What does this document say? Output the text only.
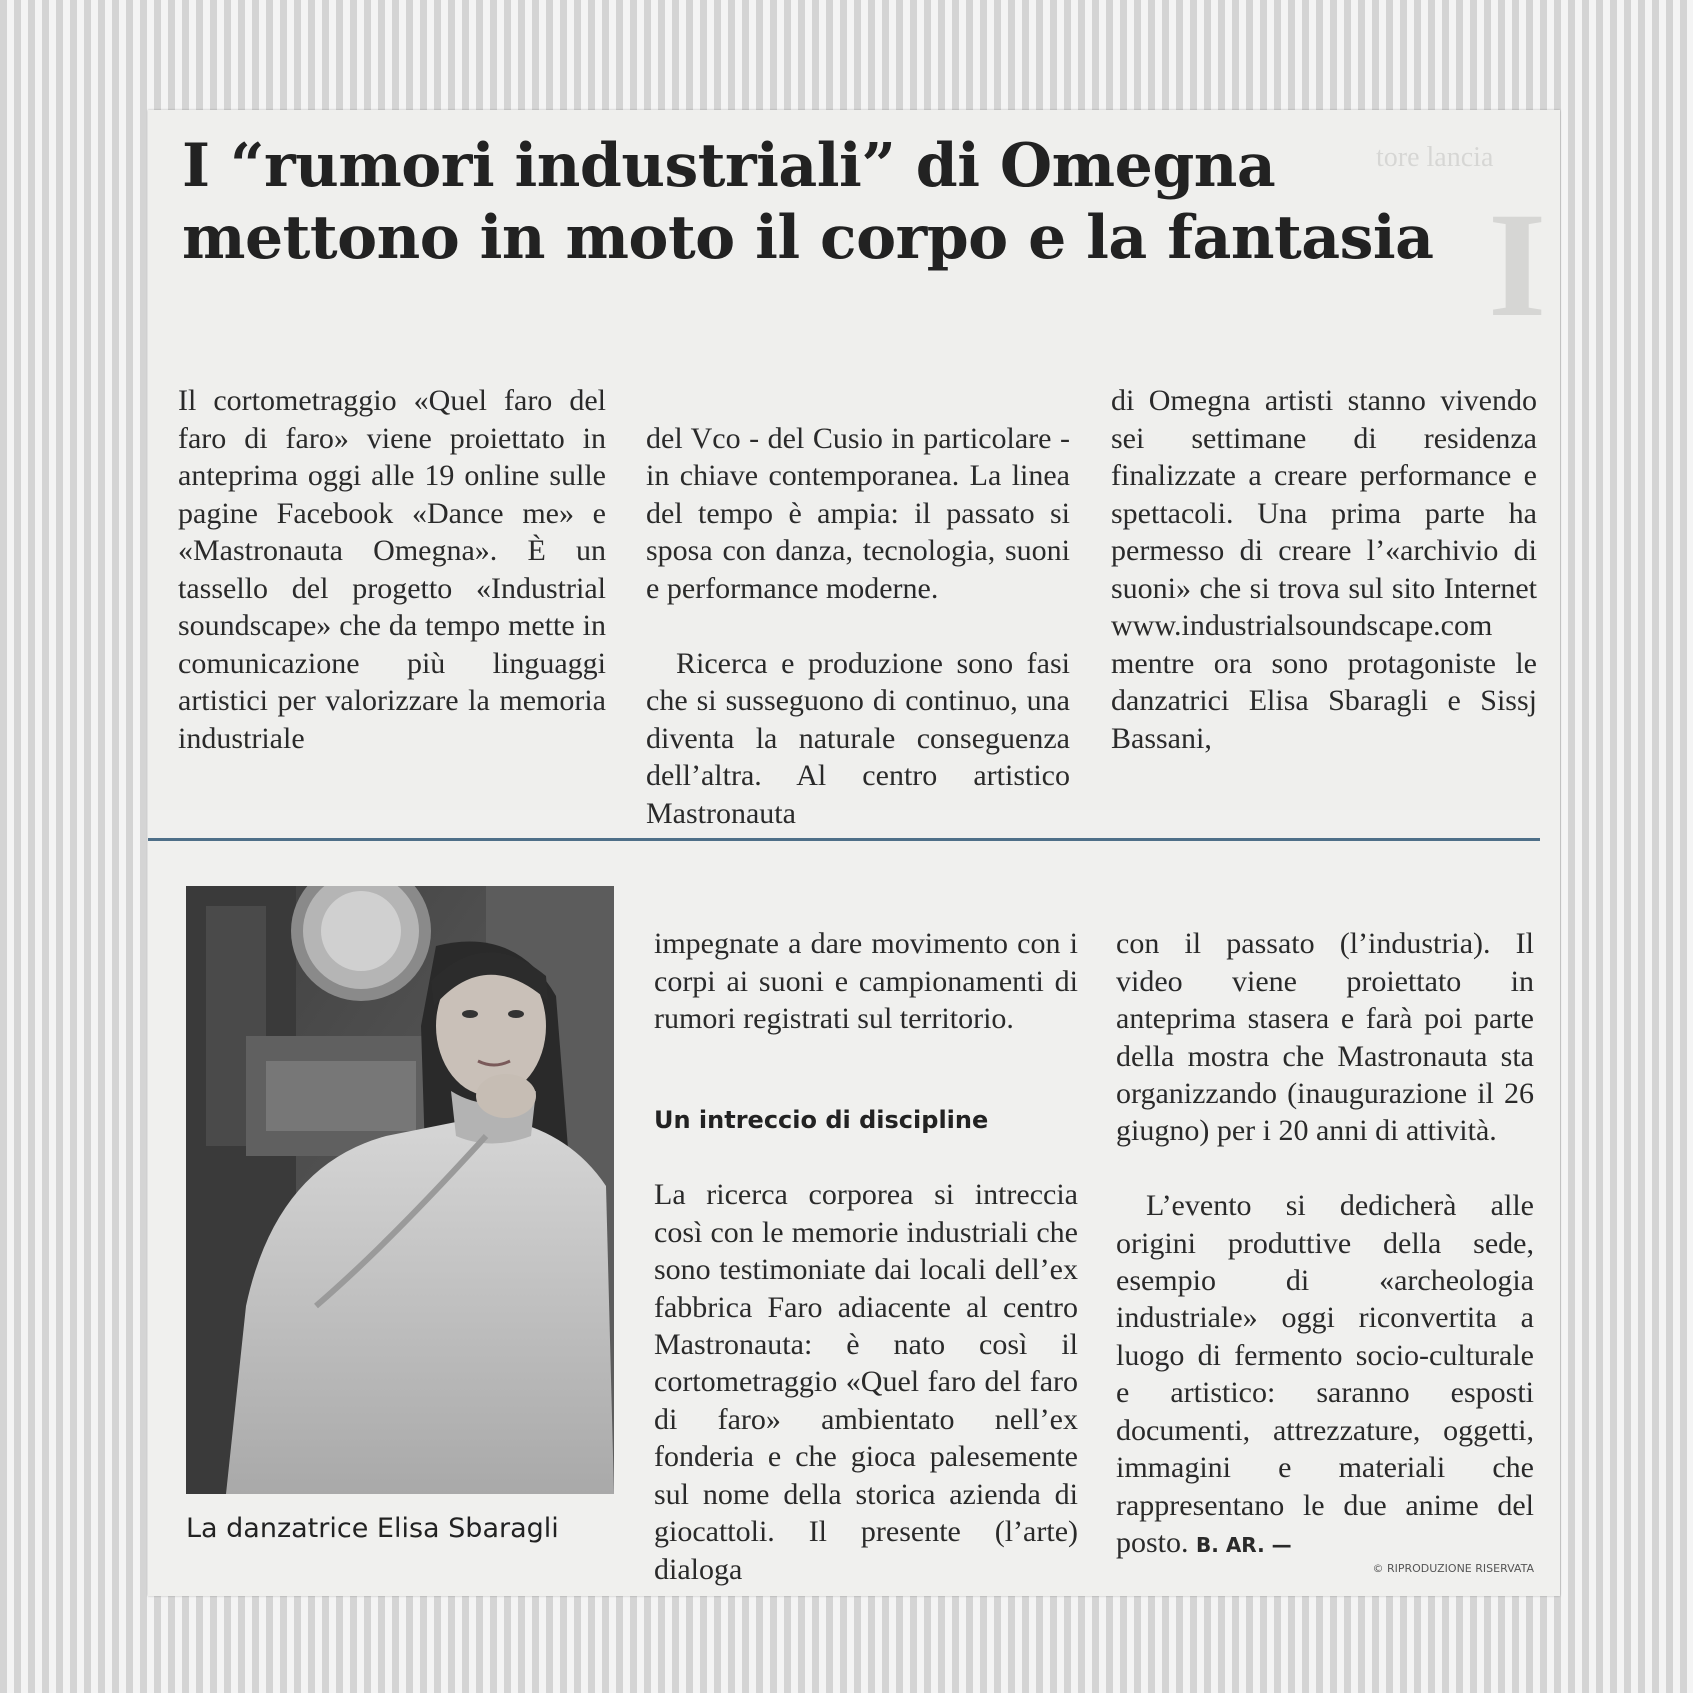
tore lancia
I
I “rumori industriali” di Omegna mettono in moto il corpo e la fantasia
Il cortometraggio «Quel faro del faro di faro» viene proiettato in anteprima oggi alle 19 online sulle pagine Facebook «Dance me» e «Mastronauta Omegna». È un tassello del progetto «Industrial soundscape» che da tempo mette in comunicazione più linguaggi artistici per valorizzare la memoria industriale

del Vco - del Cusio in particolare - in chiave contemporanea. La linea del tempo è ampia: il passato si sposa con danza, tecnologia, suoni e performance moderne.

Ricerca e produzione sono fasi che si susseguono di continuo, una diventa la naturale conseguenza dell’altra. Al centro artistico Mastronauta

di Omegna artisti stanno vivendo sei settimane di residenza finalizzate a creare performance e spettacoli. Una prima parte ha permesso di creare l’«archivio di suoni» che si trova sul sito Internet www.industrialsoundscape.com mentre ora sono protagoniste le danzatrici Elisa Sbaragli e Sissj Bassani,
La danzatrice Elisa Sbaragli

impegnate a dare movimento con i corpi ai suoni e campionamenti di rumori registrati sul territorio.

Un intreccio di discipline

La ricerca corporea si intreccia così con le memorie industriali che sono testimoniate dai locali dell’ex fabbrica Faro adiacente al centro Mastronauta: è nato così il cortometraggio «Quel faro del faro di faro» ambientato nell’ex fonderia e che gioca palesemente sul nome della storica azienda di giocattoli. Il presente (l’arte) dialoga

con il passato (l’industria). Il video viene proiettato in anteprima stasera e farà poi parte della mostra che Mastronauta sta organizzando (inaugurazione il 26 giugno) per i 20 anni di attività.

L’evento si dedicherà alle origini produttive della sede, esempio di «archeologia industriale» oggi riconvertita a luogo di fermento socio-culturale e artistico: saranno esposti documenti, attrezzature, oggetti, immagini e materiali che rappresentano le due anime del posto. B. AR. —

© RIPRODUZIONE RISERVATA
